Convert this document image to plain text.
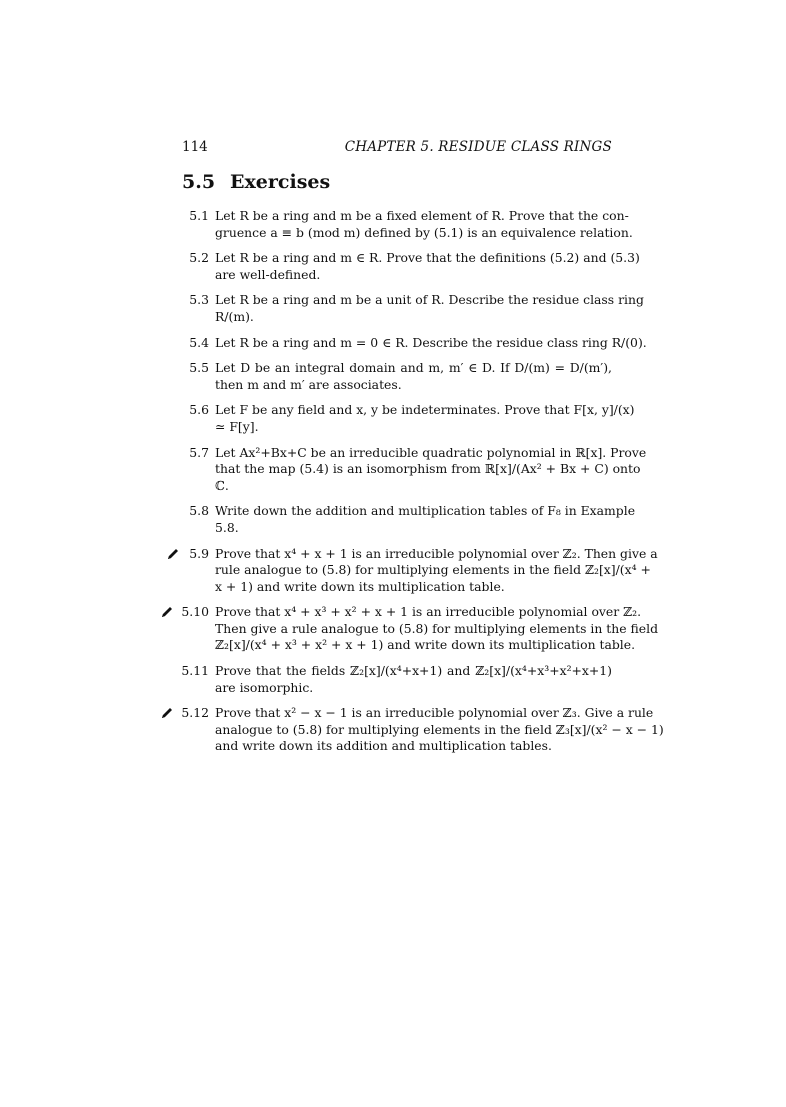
114	CHAPTER 5. RESIDUE CLASS RINGS
5.5 Exercises
5.1 Let R be a ring and m be a fixed element of R. Prove that the con-
gruence a ≡ b (mod m) defined by (5.1) is an equivalence relation.
5.2 Let R be a ring and m ∈ R. Prove that the definitions (5.2) and (5.3)
are well-defined.
5.3 Let R be a ring and m be a unit of R. Describe the residue class ring
R/(m).
5.4 Let R be a ring and m = 0 ∈ R. Describe the residue class ring R/(0).
5.5 Let D be an integral domain and m, m′ ∈ D. If D/(m) = D/(m′),
then m and m′ are associates.
5.6 Let F be any field and x, y be indeterminates. Prove that F[x, y]/(x)
≃ F[y].
5.7 Let Ax²+Bx+C be an irreducible quadratic polynomial in ℝ[x]. Prove
that the map (5.4) is an isomorphism from ℝ[x]/(Ax² + Bx + C) onto
ℂ.
5.8 Write down the addition and multiplication tables of F₈ in Example
5.8.
5.9 Prove that x⁴ + x + 1 is an irreducible polynomial over ℤ₂. Then give a
rule analogue to (5.8) for multiplying elements in the field ℤ₂[x]/(x⁴ +
x + 1) and write down its multiplication table.
5.10 Prove that x⁴ + x³ + x² + x + 1 is an irreducible polynomial over ℤ₂.
Then give a rule analogue to (5.8) for multiplying elements in the field
ℤ₂[x]/(x⁴ + x³ + x² + x + 1) and write down its multiplication table.
5.11 Prove that the fields ℤ₂[x]/(x⁴+x+1) and ℤ₂[x]/(x⁴+x³+x²+x+1)
are isomorphic.
5.12 Prove that x² − x − 1 is an irreducible polynomial over ℤ₃. Give a rule
analogue to (5.8) for multiplying elements in the field ℤ₃[x]/(x² − x − 1)
and write down its addition and multiplication tables.
